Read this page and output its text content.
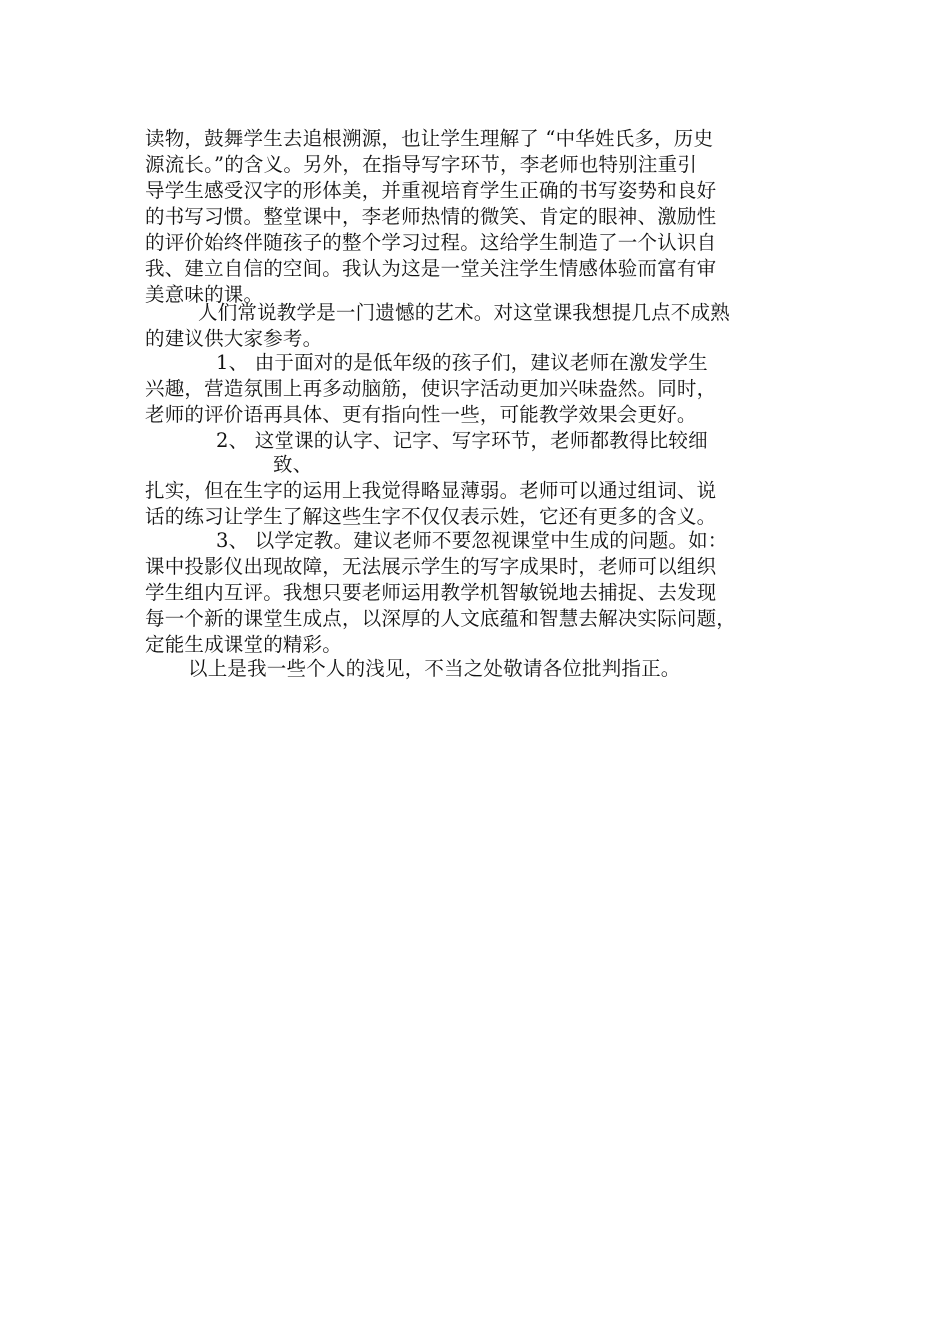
读物，鼓舞学生去追根溯源，也让学生理解了 “中华姓氏多，历史
源流长。”的含义。另外，在指导写字环节，李老师也特别注重引
导学生感受汉字的形体美，并重视培育学生正确的书写姿势和良好
的书写习惯。整堂课中，李老师热情的微笑、肯定的眼神、激励性
的评价始终伴随孩子的整个学习过程。这给学生制造了一个认识自
我、建立自信的空间。我认为这是一堂关注学生情感体验而富有审
美意味的课。
人们常说教学是一门遗憾的艺术。对这堂课我想提几点不成熟
的建议供大家参考。
1、 由于面对的是低年级的孩子们，建议老师在激发学生
兴趣，营造氛围上再多动脑筋，使识字活动更加兴味盎然。同时，
老师的评价语再具体、更有指向性一些，可能教学效果会更好。
2、 这堂课的认字、记字、写字环节，老师都教得比较细
致、
扎实，但在生字的运用上我觉得略显薄弱。老师可以通过组词、说
话的练习让学生了解这些生字不仅仅表示姓，它还有更多的含义。
3、 以学定教。建议老师不要忽视课堂中生成的问题。如：
课中投影仪出现故障，无法展示学生的写字成果时，老师可以组织
学生组内互评。我想只要老师运用教学机智敏锐地去捕捉、去发现
每一个新的课堂生成点，以深厚的人文底蕴和智慧去解决实际问题，
定能生成课堂的精彩。
以上是我一些个人的浅见，不当之处敬请各位批判指正。
